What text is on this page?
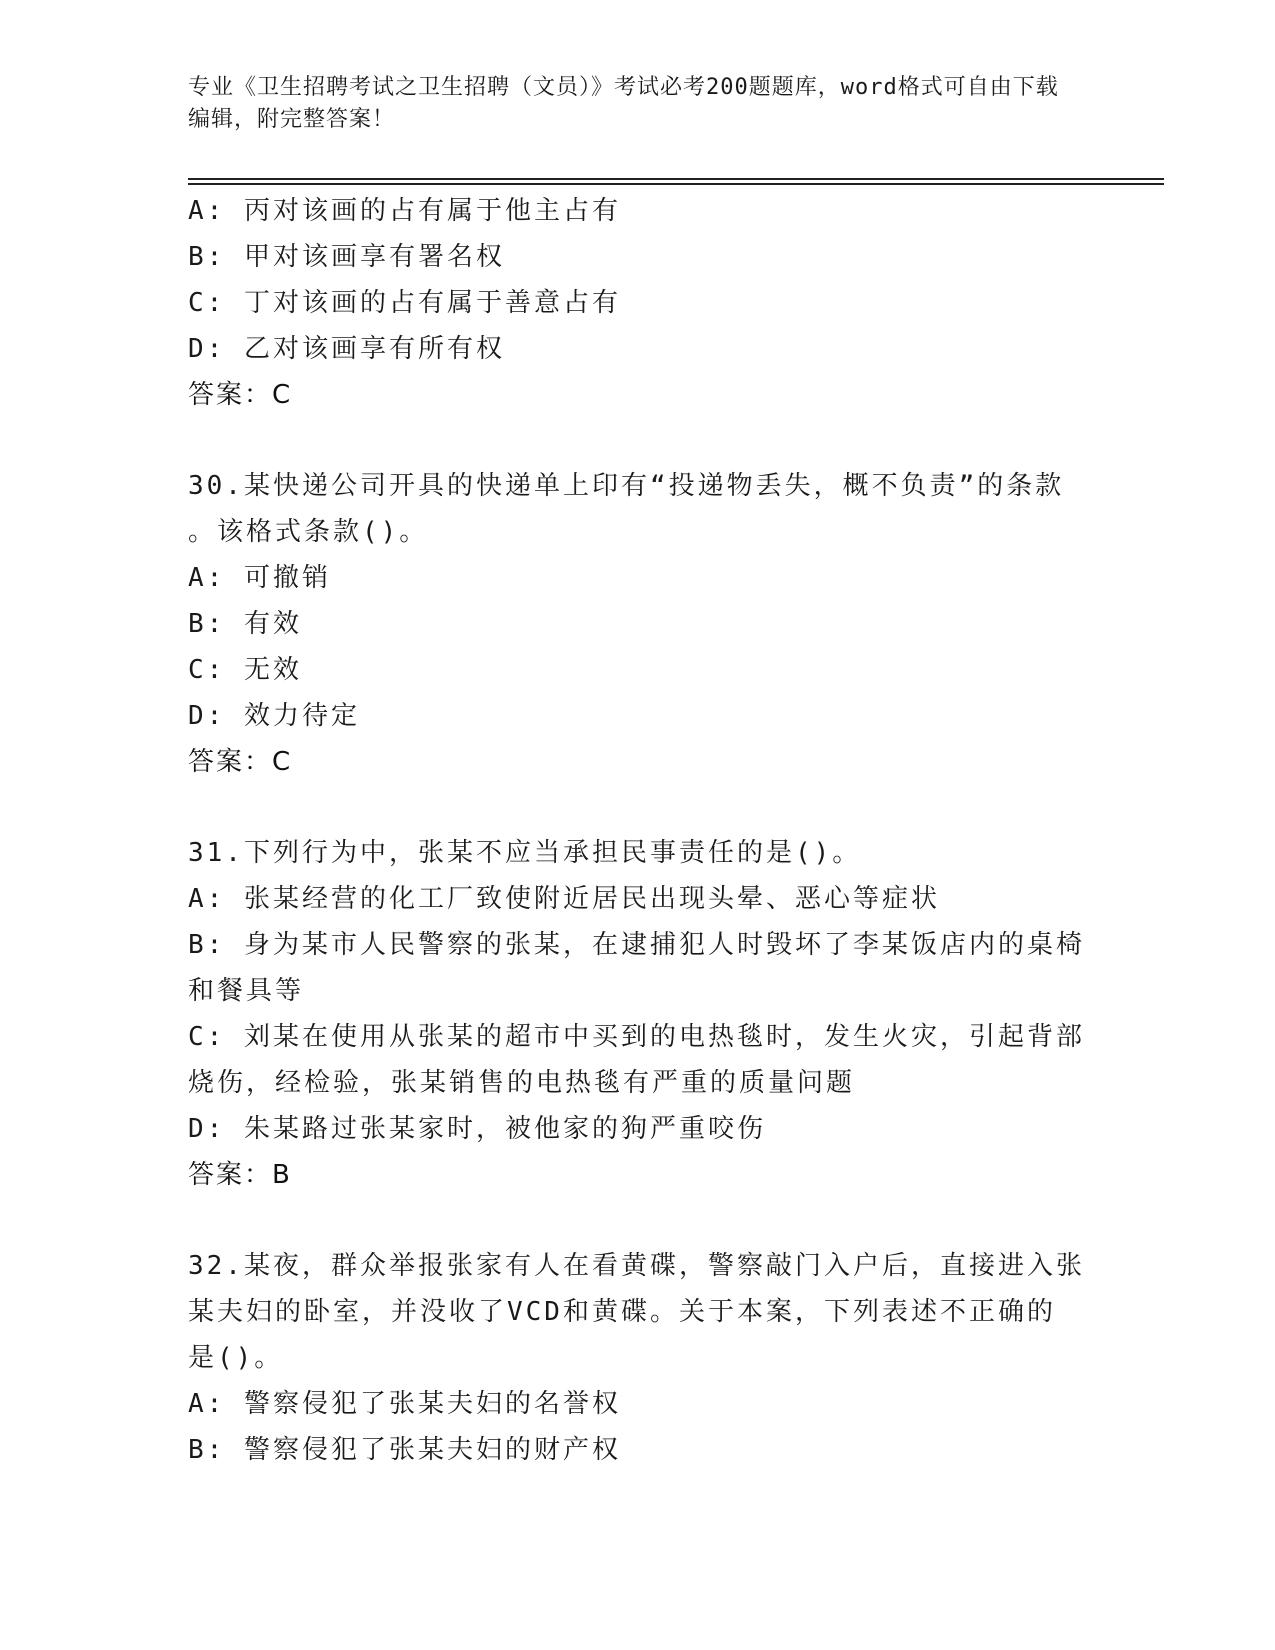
专业《卫生招聘考试之卫生招聘（文员）》考试必考200题题库，word格式可自由下载编辑，附完整答案！

A: 丙对该画的占有属于他主占有

B: 甲对该画享有署名权

C: 丁对该画的占有属于善意占有

D: 乙对该画享有所有权

答案：C

30.某快递公司开具的快递单上印有“投递物丢失，概不负责”的条款

。该格式条款()。

A: 可撤销

B: 有效

C: 无效

D: 效力待定

答案：C

31.下列行为中，张某不应当承担民事责任的是()。

A: 张某经营的化工厂致使附近居民出现头晕、恶心等症状

B: 身为某市人民警察的张某，在逮捕犯人时毁坏了李某饭店内的桌椅

和餐具等

C: 刘某在使用从张某的超市中买到的电热毯时，发生火灾，引起背部

烧伤，经检验，张某销售的电热毯有严重的质量问题

D: 朱某路过张某家时，被他家的狗严重咬伤

答案：B

32.某夜，群众举报张家有人在看黄碟，警察敲门入户后，直接进入张

某夫妇的卧室，并没收了VCD和黄碟。关于本案，下列表述不正确的

是()。

A: 警察侵犯了张某夫妇的名誉权

B: 警察侵犯了张某夫妇的财产权
